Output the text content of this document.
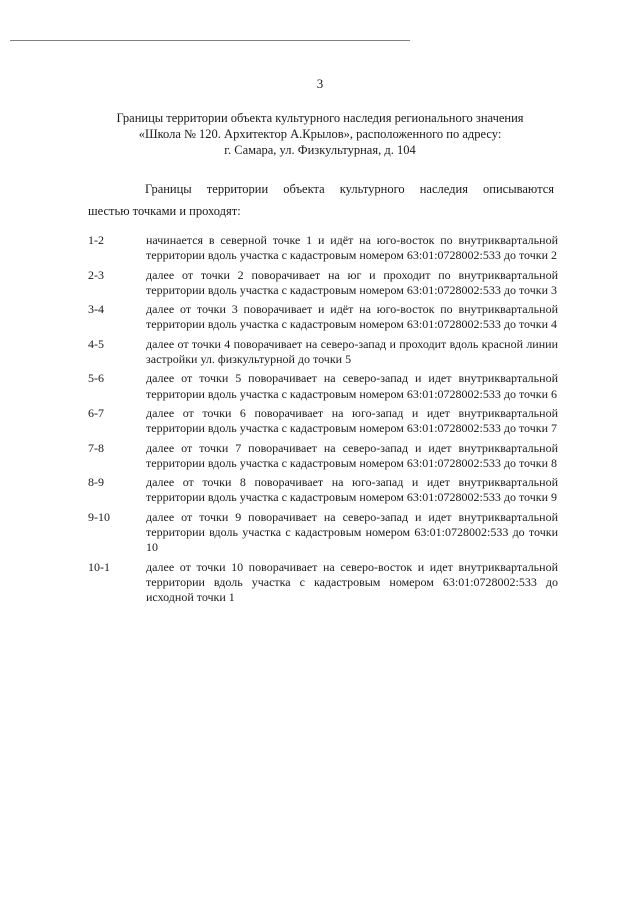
3
Границы территории объекта культурного наследия регионального значения
«Школа № 120. Архитектор А.Крылов», расположенного по адресу:
г. Самара, ул. Физкультурная, д. 104
Границы территории объекта культурного наследия описываются
шестью точками и проходят:
1-2	начинается в северной точке 1 и идёт на юго-восток по внутриквартальной территории вдоль участка с кадастровым номером 63:01:0728002:533 до точки 2
2-3	далее от точки 2 поворачивает на юг и проходит по внутриквартальной территории вдоль участка с кадастровым номером 63:01:0728002:533 до точки 3
3-4	далее от точки 3 поворачивает и идёт на юго-восток по внутриквартальной территории вдоль участка с кадастровым номером 63:01:0728002:533 до точки 4
4-5	далее от точки 4 поворачивает на северо-запад и проходит вдоль красной линии застройки ул. физкультурной до точки 5
5-6	далее от точки 5 поворачивает на северо-запад и идет внутриквартальной территории вдоль участка с кадастровым номером 63:01:0728002:533 до точки 6
6-7	далее от точки 6 поворачивает на юго-запад и идет внутриквартальной территории вдоль участка с кадастровым номером 63:01:0728002:533 до точки 7
7-8	далее от точки 7 поворачивает на северо-запад и идет внутриквартальной территории вдоль участка с кадастровым номером 63:01:0728002:533 до точки 8
8-9	далее от точки 8 поворачивает на юго-запад и идет внутриквартальной территории вдоль участка с кадастровым номером 63:01:0728002:533 до точки 9
9-10	далее от точки 9 поворачивает на северо-запад и идет внутриквартальной территории вдоль участка с кадастровым номером 63:01:0728002:533 до точки 10
10-1	далее от точки 10 поворачивает на северо-восток и идет внутриквартальной территории вдоль участка с кадастровым номером 63:01:0728002:533 до исходной точки 1
